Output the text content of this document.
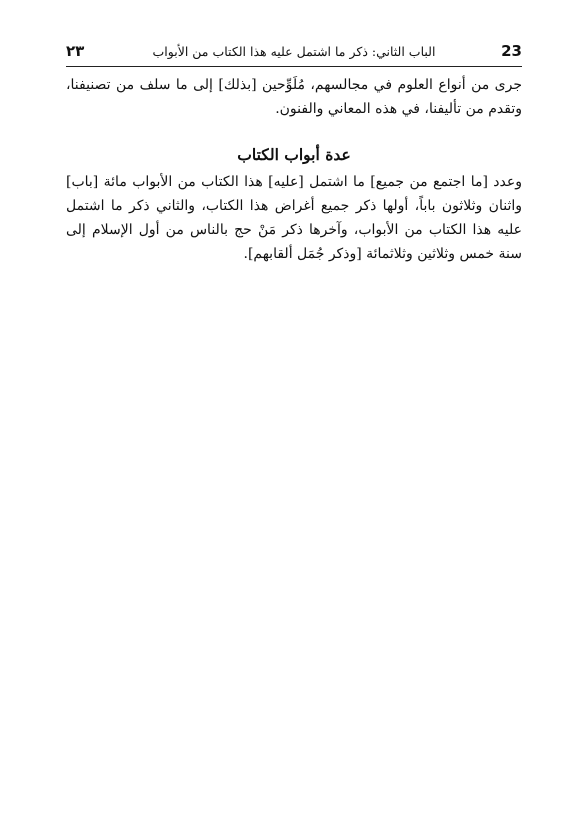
23
الباب الثاني: ذكر ما اشتمل عليه هذا الكتاب من الأبواب
٢٣
جرى من أنواع العلوم في مجالسهم، مُلَوِّحين [بذلك] إلى ما سلف من تصنيفنا، وتقدم من تأليفنا، في هذه المعاني والفنون.
عدة أبواب الكتاب
وعدد [ما اجتمع من جميع] ما اشتمل [عليه] هذا الكتاب من الأبواب مائة [باب] واثنان وثلاثون باباً، أولها ذكر جميع أغراض هذا الكتاب، والثاني ذكر ما اشتمل عليه هذا الكتاب من الأبواب، وآخرها ذكر مَنْ حج بالناس من أول الإسلام إلى سنة خمس وثلاثين وثلاثمائة [وذكر جُمَل ألقابهم].
